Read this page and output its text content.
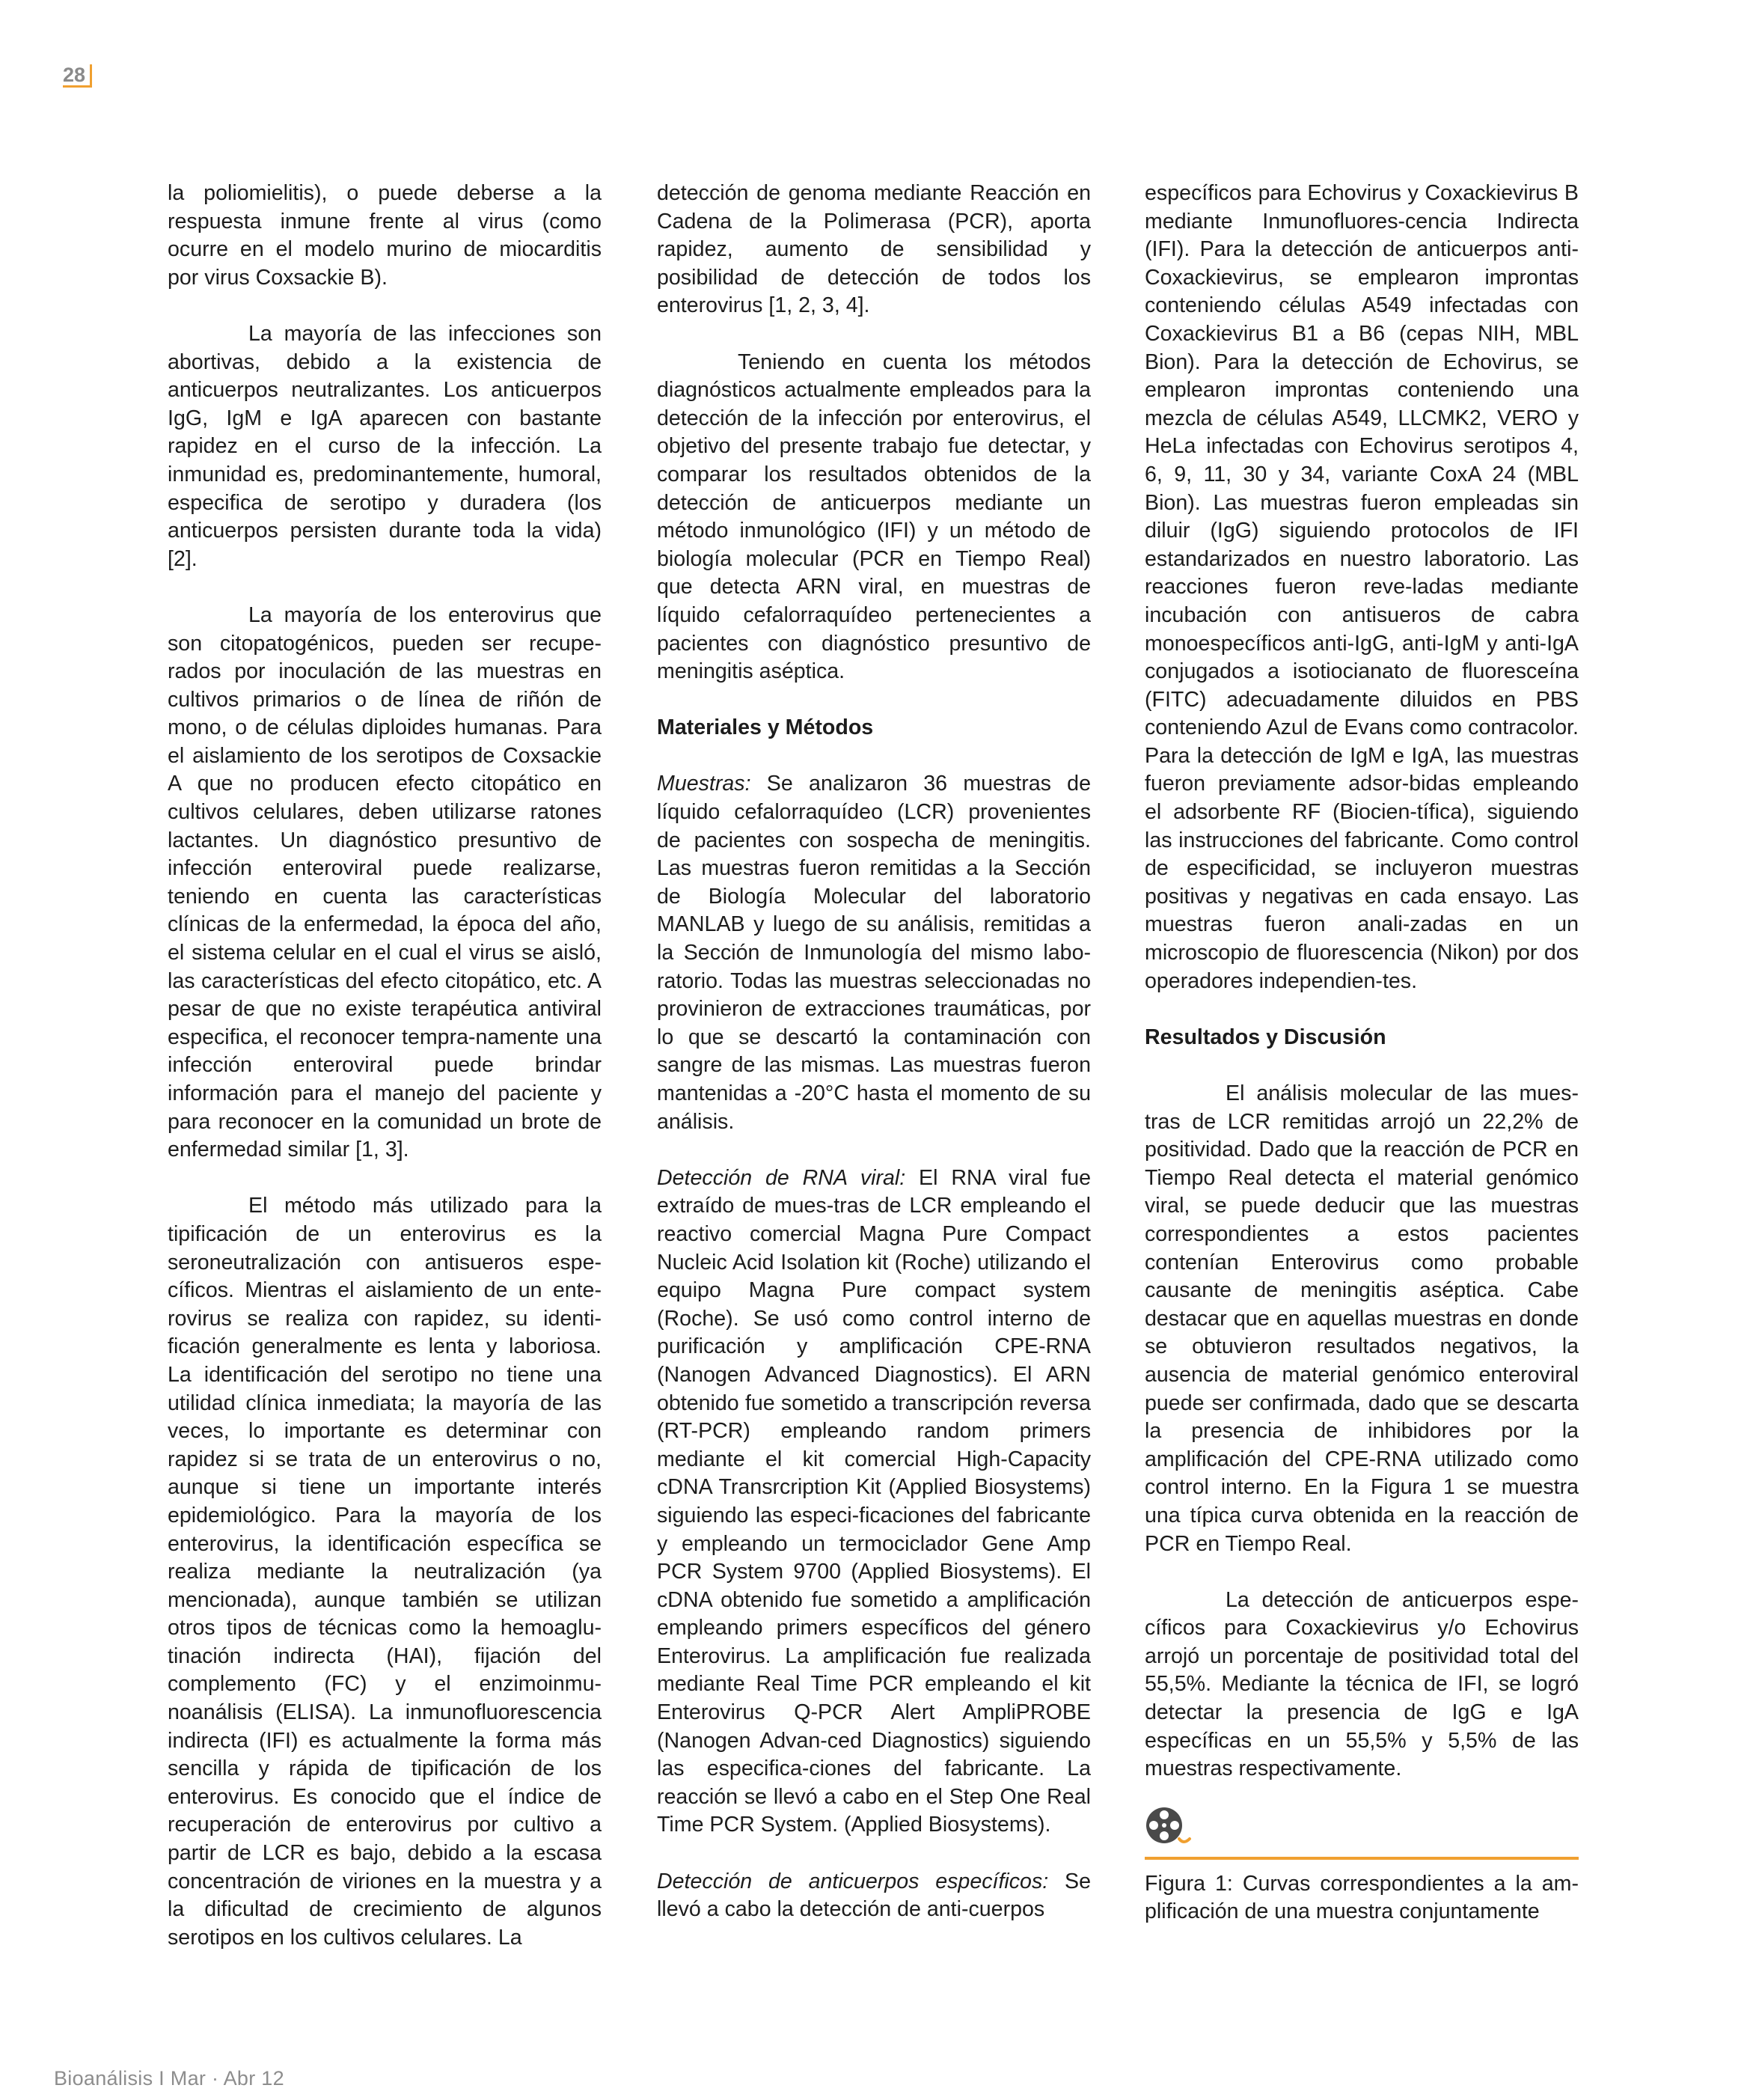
28

la poliomielitis), o puede deberse a la respuesta inmune frente al virus (como ocurre en el modelo murino de miocarditis por virus Coxsackie B).

La mayoría de las infecciones son abortivas, debido a la existencia de anticuerpos neutralizantes. Los anticuerpos IgG, IgM e IgA aparecen con bastante rapidez en el curso de la infección. La inmunidad es, predominantemente, humoral, especifica de serotipo y duradera (los anticuerpos persisten durante toda la vida) [2].

La mayoría de los enterovirus que son citopatogénicos, pueden ser recupe-rados por inoculación de las muestras en cultivos primarios o de línea de riñón de mono, o de células diploides humanas. Para el aislamiento de los serotipos de Coxsackie A que no producen efecto citopático en cultivos celulares, deben utilizarse ratones lactantes. Un diagnóstico presuntivo de infección enteroviral puede realizarse, teniendo en cuenta las características clínicas de la enfermedad, la época del año, el sistema celular en el cual el virus se aisló, las características del efecto citopático, etc. A pesar de que no existe terapéutica antiviral especifica, el reconocer tempra-namente una infección enteroviral puede brindar información para el manejo del paciente y para reconocer en la comunidad un brote de enfermedad similar [1, 3].

El método más utilizado para la tipificación de un enterovirus es la seroneutralización con antisueros espe-cíficos. Mientras el aislamiento de un ente-rovirus se realiza con rapidez, su identi-ficación generalmente es lenta y laboriosa. La identificación del serotipo no tiene una utilidad clínica inmediata; la mayoría de las veces, lo importante es determinar con rapidez si se trata de un enterovirus o no, aunque si tiene un importante interés epidemiológico. Para la mayoría de los enterovirus, la identificación específica se realiza mediante la neutralización (ya mencionada), aunque también se utilizan otros tipos de técnicas como la hemoaglu-tinación indirecta (HAI), fijación del complemento (FC) y el enzimoinmu-noanálisis (ELISA). La inmunofluorescencia indirecta (IFI) es actualmente la forma más sencilla y rápida de tipificación de los enterovirus. Es conocido que el índice de recuperación de enterovirus por cultivo a partir de LCR es bajo, debido a la escasa concentración de viriones en la muestra y a la dificultad de crecimiento de algunos serotipos en los cultivos celulares. La

detección de genoma mediante Reacción en Cadena de la Polimerasa (PCR), aporta rapidez, aumento de sensibilidad y posibilidad de detección de todos los enterovirus [1, 2, 3, 4].

Teniendo en cuenta los métodos diagnósticos actualmente empleados para la detección de la infección por enterovirus, el objetivo del presente trabajo fue detectar, y comparar los resultados obtenidos de la detección de anticuerpos mediante un método inmunológico (IFI) y un método de biología molecular (PCR en Tiempo Real) que detecta ARN viral, en muestras de líquido cefalorraquídeo pertenecientes a pacientes con diagnóstico presuntivo de meningitis aséptica.

Materiales y Métodos

Muestras: Se analizaron 36 muestras de líquido cefalorraquídeo (LCR) provenientes de pacientes con sospecha de meningitis. Las muestras fueron remitidas a la Sección de Biología Molecular del laboratorio MANLAB y luego de su análisis, remitidas a la Sección de Inmunología del mismo labo-ratorio. Todas las muestras seleccionadas no provinieron de extracciones traumáticas, por lo que se descartó la contaminación con sangre de las mismas. Las muestras fueron mantenidas a -20°C hasta el momento de su análisis.

Detección de RNA viral: El RNA viral fue extraído de mues-tras de LCR empleando el reactivo comercial Magna Pure Compact Nucleic Acid Isolation kit (Roche) utilizando el equipo Magna Pure compact system (Roche). Se usó como control interno de purificación y amplificación CPE-RNA (Nanogen Advanced Diagnostics). El ARN obtenido fue sometido a transcripción reversa (RT-PCR) empleando random primers mediante el kit comercial High-Capacity cDNA Transrcription Kit (Applied Biosystems) siguiendo las especi-ficaciones del fabricante y empleando un termociclador Gene Amp PCR System 9700 (Applied Biosystems). El cDNA obtenido fue sometido a amplificación empleando primers específicos del género Enterovirus. La amplificación fue realizada mediante Real Time PCR empleando el kit Enterovirus Q-PCR Alert AmpliPROBE (Nanogen Advan-ced Diagnostics) siguiendo las especifica-ciones del fabricante. La reacción se llevó a cabo en el Step One Real Time PCR System. (Applied Biosystems).

Detección de anticuerpos específicos: Se llevó a cabo la detección de anti-cuerpos

específicos para Echovirus y Coxackievirus B mediante Inmunofluores-cencia Indirecta (IFI). Para la detección de anticuerpos anti-Coxackievirus, se emplearon improntas conteniendo células A549 infectadas con Coxackievirus B1 a B6 (cepas NIH, MBL Bion). Para la detección de Echovirus, se emplearon improntas conteniendo una mezcla de células A549, LLCMK2, VERO y HeLa infectadas con Echovirus serotipos 4, 6, 9, 11, 30 y 34, variante CoxA 24 (MBL Bion). Las muestras fueron empleadas sin diluir (IgG) siguiendo protocolos de IFI estandarizados en nuestro laboratorio. Las reacciones fueron reve-ladas mediante incubación con antisueros de cabra monoespecíficos anti-IgG, anti-IgM y anti-IgA conjugados a isotiocianato de fluoresceína (FITC) adecuadamente diluidos en PBS conteniendo Azul de Evans como contracolor. Para la detección de IgM e IgA, las muestras fueron previamente adsor-bidas empleando el adsorbente RF (Biocien-tífica), siguiendo las instrucciones del fabricante. Como control de especificidad, se incluyeron muestras positivas y negativas en cada ensayo. Las muestras fueron anali-zadas en un microscopio de fluorescencia (Nikon) por dos operadores independien-tes.

Resultados y Discusión

El análisis molecular de las mues-tras de LCR remitidas arrojó un 22,2% de positividad. Dado que la reacción de PCR en Tiempo Real detecta el material genómico viral, se puede deducir que las muestras correspondientes a estos pacientes contenían Enterovirus como probable causante de meningitis aséptica. Cabe destacar que en aquellas muestras en donde se obtuvieron resultados negativos, la ausencia de material genómico enteroviral puede ser confirmada, dado que se descarta la presencia de inhibidores por la amplificación del CPE-RNA utilizado como control interno. En la Figura 1 se muestra una típica curva obtenida en la reacción de PCR en Tiempo Real.

La detección de anticuerpos espe-cíficos para Coxackievirus y/o Echovirus arrojó un porcentaje de positividad total del 55,5%. Mediante la técnica de IFI, se logró detectar la presencia de IgG e IgA específicas en un 55,5% y 5,5% de las muestras respectivamente.

Figura 1: Curvas correspondientes a la am-plificación de una muestra conjuntamente

Bioanálisis I Mar · Abr 12
